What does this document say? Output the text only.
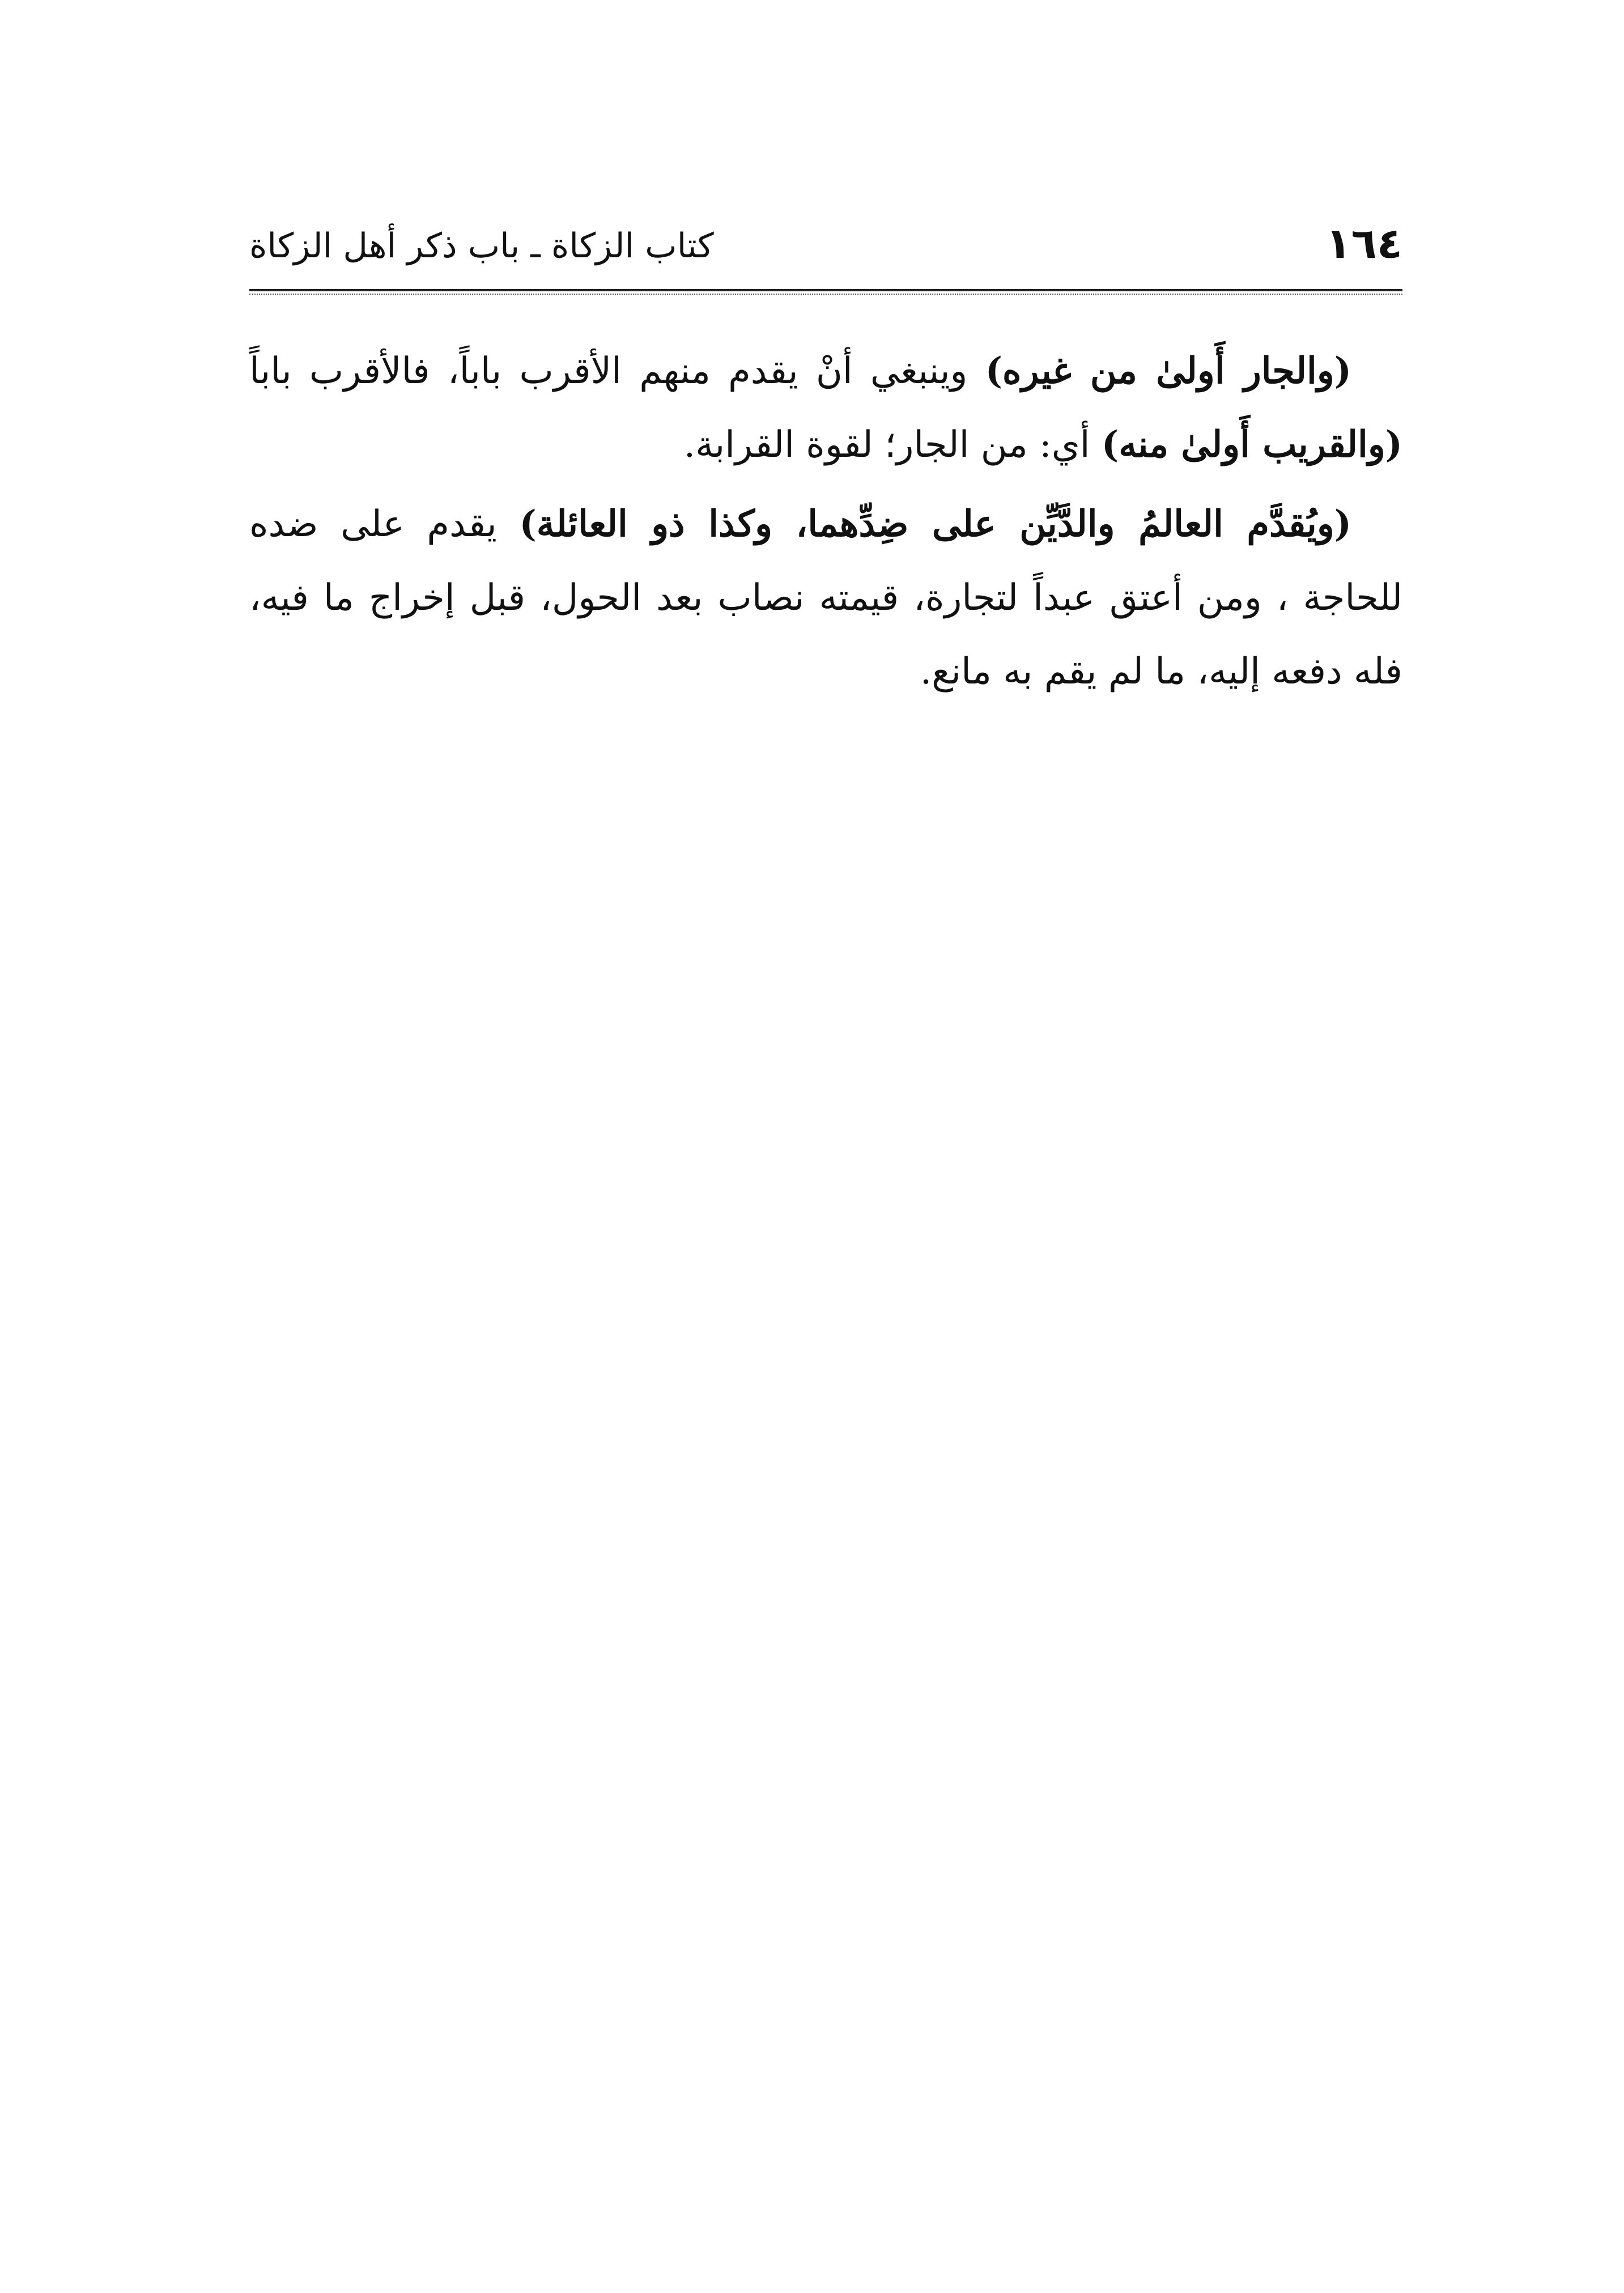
١٦٤
كتاب الزكاة ـ باب ذكر أهل الزكاة

(والجار أَولىٰ من غيره) وينبغي أنْ يقدم منهم الأقرب باباً، فالأقرب باباً (والقريب أَولىٰ منه) أي: من الجار؛ لقوة القرابة.

(ويُقدَّم العالمُ والدَّيِّن على ضِدِّهما، وكذا ذو العائلة) يقدم على ضده للحاجة ، ومن أعتق عبداً لتجارة، قيمته نصاب بعد الحول، قبل إخراج ما فيه، فله دفعه إليه، ما لم يقم به مانع.
